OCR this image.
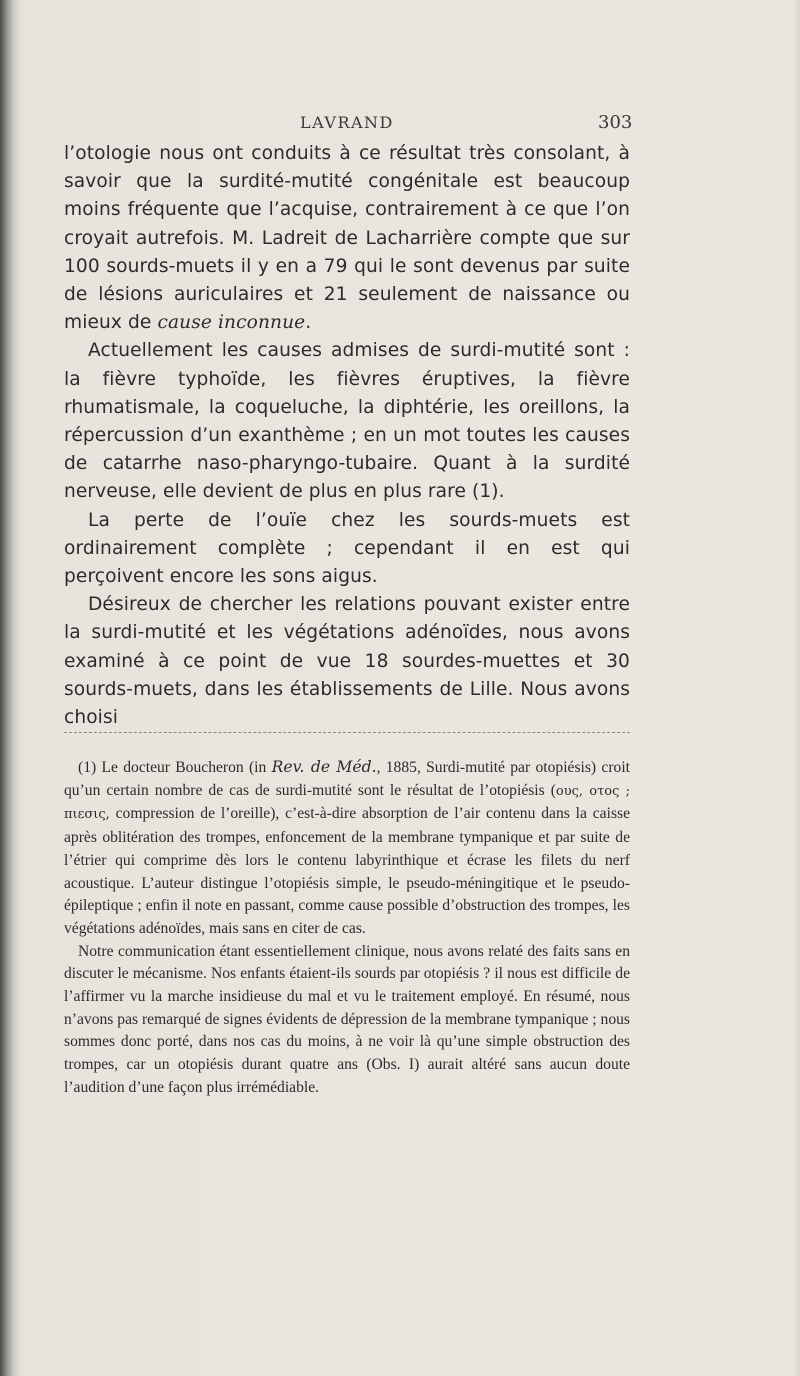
LAVRAND	303

l’otologie nous ont conduits à ce résultat très consolant, à savoir que la surdité-mutité congénitale est beaucoup moins fréquente que l’acquise, contrairement à ce que l’on croyait autrefois. M. Ladreit de Lacharrière compte que sur 100 sourds-muets il y en a 79 qui le sont devenus par suite de lésions auriculaires et 21 seulement de naissance ou mieux de cause inconnue.

Actuellement les causes admises de surdi-mutité sont : la fièvre typhoïde, les fièvres éruptives, la fièvre rhumatismale, la coqueluche, la diphtérie, les oreillons, la répercussion d’un exanthème ; en un mot toutes les causes de catarrhe naso-pharyngo-tubaire. Quant à la surdité nerveuse, elle devient de plus en plus rare (1).

La perte de l’ouïe chez les sourds-muets est ordinairement complète ; cependant il en est qui perçoivent encore les sons aigus.

Désireux de chercher les relations pouvant exister entre la surdi-mutité et les végétations adénoïdes, nous avons examiné à ce point de vue 18 sourdes-muettes et 30 sourds-muets, dans les établissements de Lille. Nous avons choisi

(1) Le docteur Boucheron (in Rev. de Méd., 1885, Surdi-mutité par otopiésis) croit qu’un certain nombre de cas de surdi-mutité sont le résultat de l’otopiésis (ους, οτος ; πιεσις, compression de l’oreille), c’est-à-dire absorption de l’air contenu dans la caisse après oblitération des trompes, enfoncement de la membrane tympanique et par suite de l’étrier qui comprime dès lors le contenu labyrinthique et écrase les filets du nerf acoustique. L’auteur distingue l’otopiésis simple, le pseudo-méningitique et le pseudo-épileptique ; enfin il note en passant, comme cause possible d’obstruction des trompes, les végétations adénoïdes, mais sans en citer de cas.

Notre communication étant essentiellement clinique, nous avons relaté des faits sans en discuter le mécanisme. Nos enfants étaient-ils sourds par otopiésis ? il nous est difficile de l’affirmer vu la marche insidieuse du mal et vu le traitement employé. En résumé, nous n’avons pas remarqué de signes évidents de dépression de la membrane tympanique ; nous sommes donc porté, dans nos cas du moins, à ne voir là qu’une simple obstruction des trompes, car un otopiésis durant quatre ans (Obs. I) aurait altéré sans aucun doute l’audition d’une façon plus irrémédiable.
